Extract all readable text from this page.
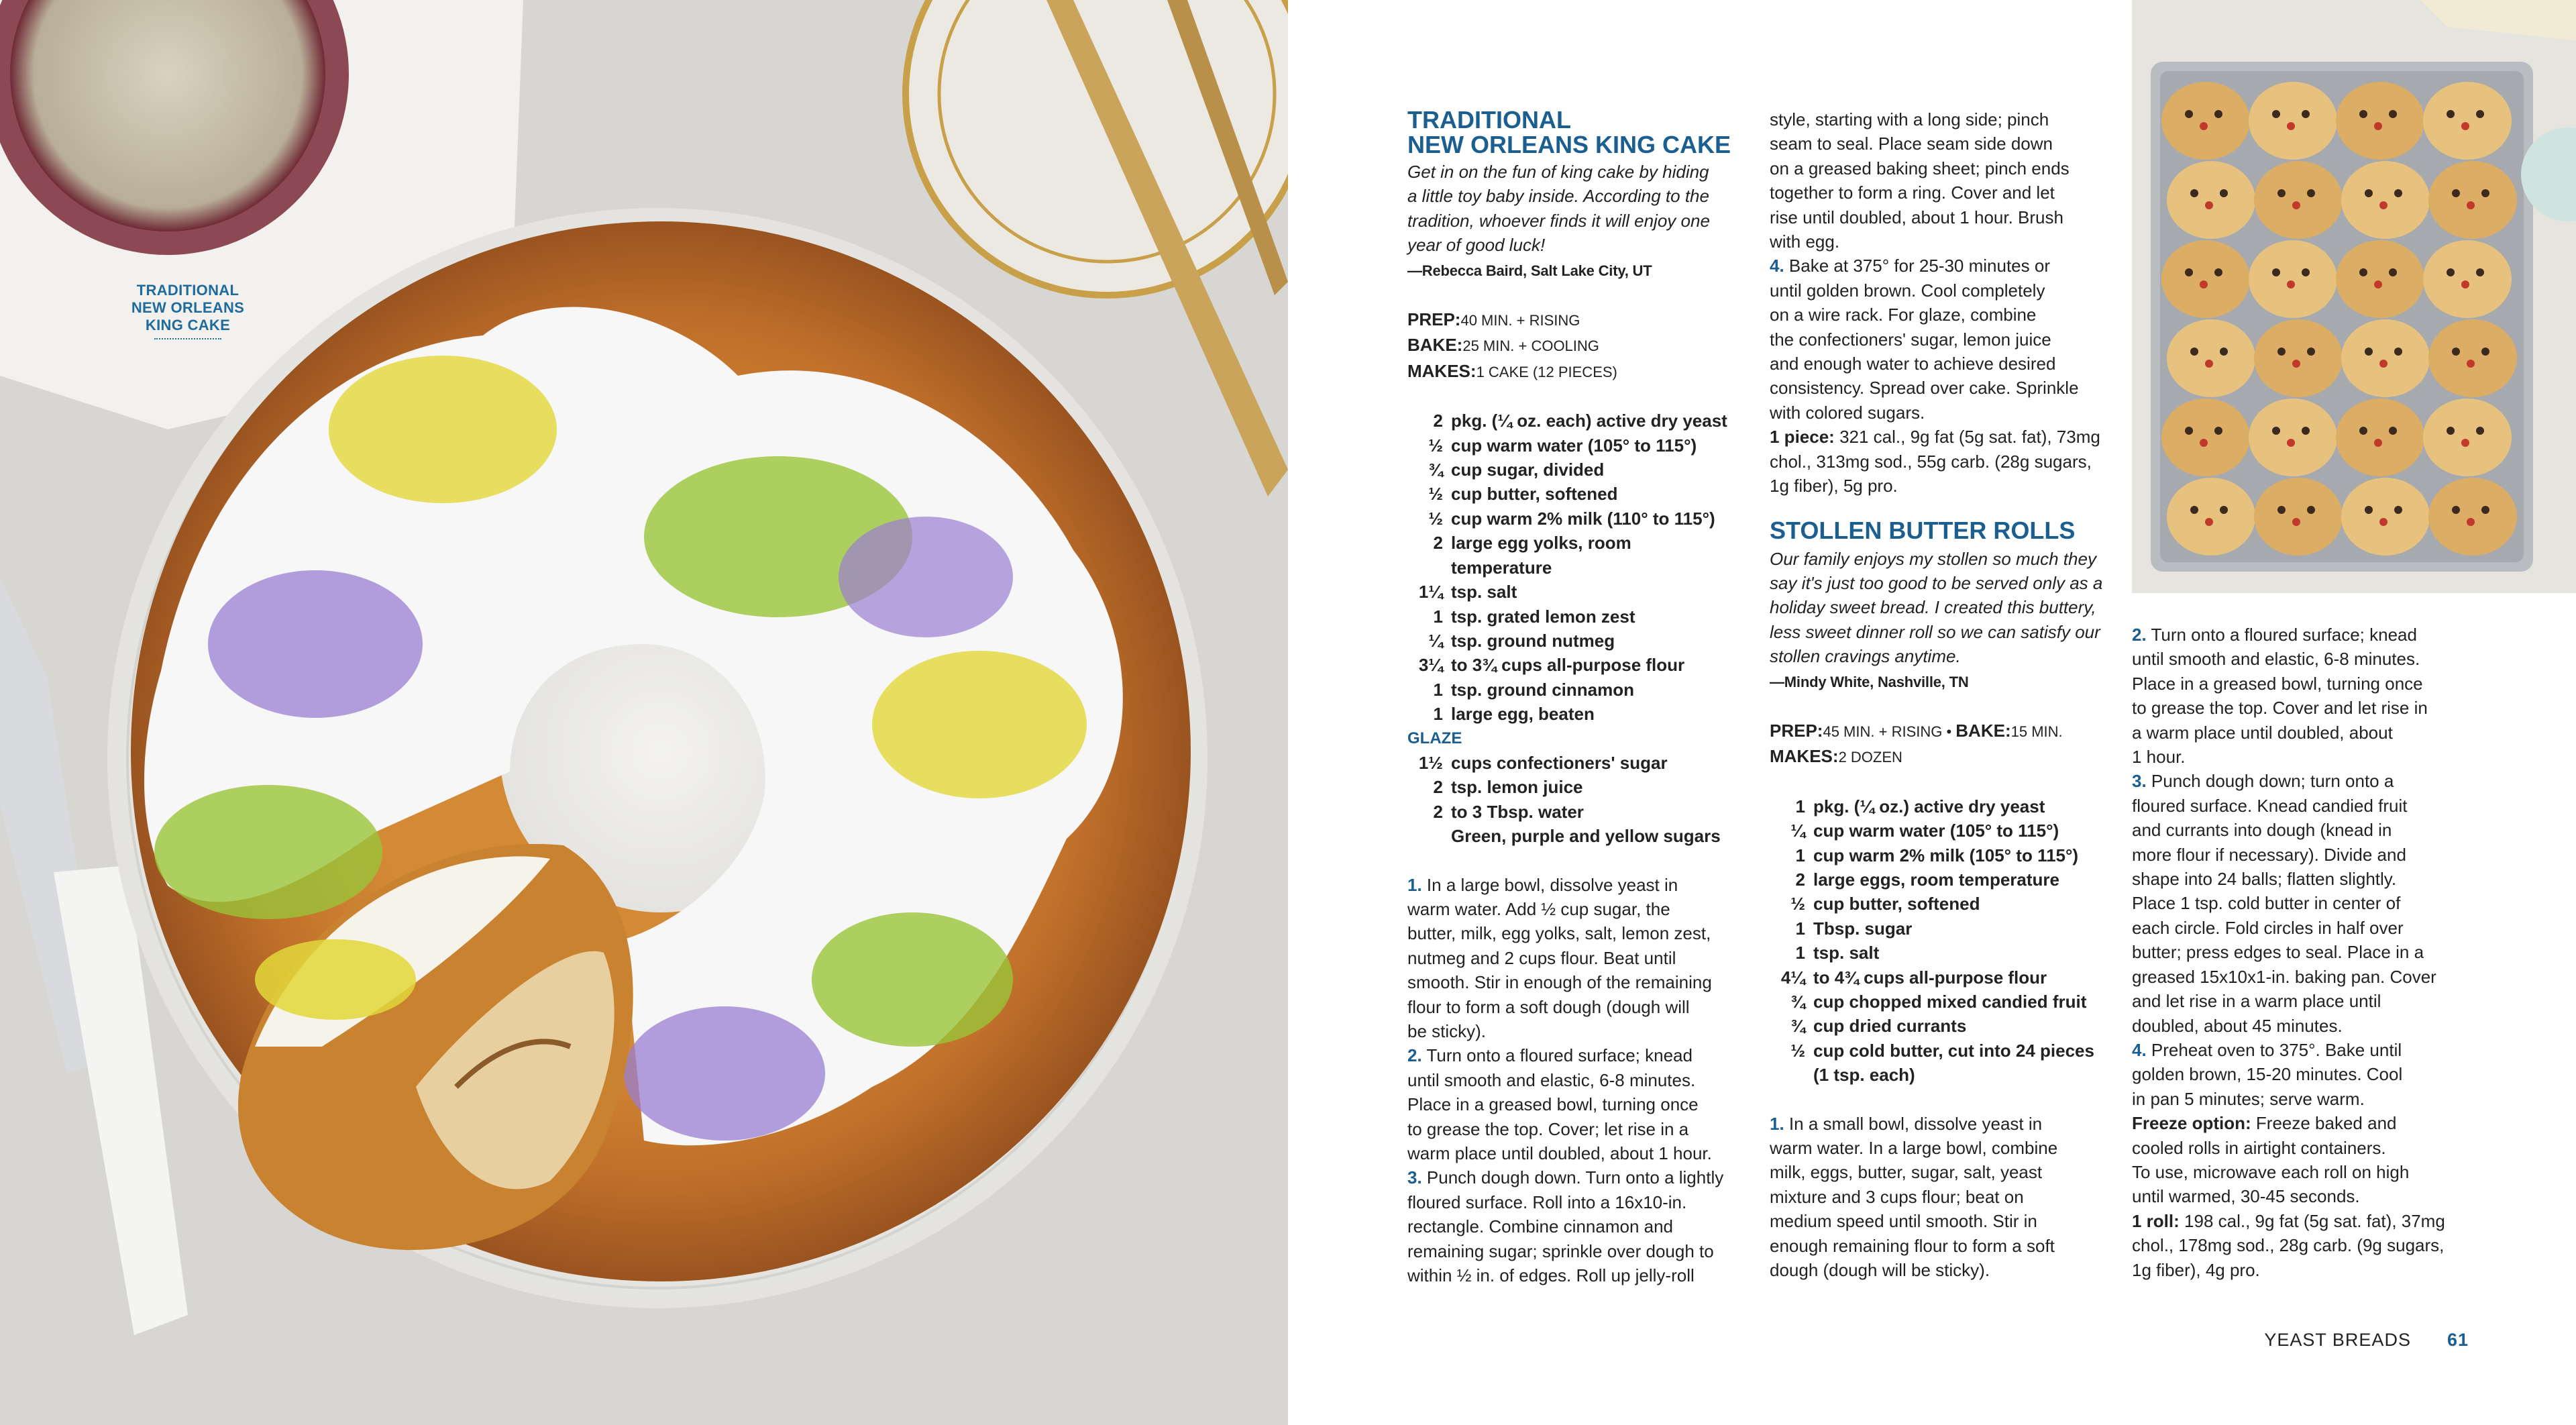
TRADITIONAL
NEW ORLEANS
KING CAKE
TRADITIONAL
NEW ORLEANS KING CAKE

Get in on the fun of king cake by hiding
a little toy baby inside. According to the
tradition, whoever finds it will enjoy one
year of good luck!

—Rebecca Baird, Salt Lake City, UT

PREP:40 MIN. + RISING

BAKE:25 MIN. + COOLING

MAKES:1 CAKE (12 PIECES)

2 pkg. (¼ oz. each) active dry yeast
½ cup warm water (105° to 115°)
¾ cup sugar, divided
½ cup butter, softened
½ cup warm 2% milk (110° to 115°)
2 large egg yolks, room
temperature
1¼ tsp. salt
1 tsp. grated lemon zest
¼ tsp. ground nutmeg
3¼ to 3¾ cups all-purpose flour
1 tsp. ground cinnamon
1 large egg, beaten
GLAZE
1½ cups confectioners' sugar
2 tsp. lemon juice
2 to 3 Tbsp. water
Green, purple and yellow sugars

1. In a large bowl, dissolve yeast in
warm water. Add ½ cup sugar, the
butter, milk, egg yolks, salt, lemon zest,
nutmeg and 2 cups flour. Beat until
smooth. Stir in enough of the remaining
flour to form a soft dough (dough will
be sticky).

2. Turn onto a floured surface; knead
until smooth and elastic, 6-8 minutes.
Place in a greased bowl, turning once
to grease the top. Cover; let rise in a
warm place until doubled, about 1 hour.

3. Punch dough down. Turn onto a lightly
floured surface. Roll into a 16x10-in.
rectangle. Combine cinnamon and
remaining sugar; sprinkle over dough to
within ½ in. of edges. Roll up jelly-roll

style, starting with a long side; pinch
seam to seal. Place seam side down
on a greased baking sheet; pinch ends
together to form a ring. Cover and let
rise until doubled, about 1 hour. Brush
with egg.

4. Bake at 375° for 25-30 minutes or
until golden brown. Cool completely
on a wire rack. For glaze, combine
the confectioners' sugar, lemon juice
and enough water to achieve desired
consistency. Spread over cake. Sprinkle
with colored sugars.

1 piece: 321 cal., 9g fat (5g sat. fat), 73mg
chol., 313mg sod., 55g carb. (28g sugars,
1g fiber), 5g pro.

STOLLEN BUTTER ROLLS

Our family enjoys my stollen so much they
say it's just too good to be served only as a
holiday sweet bread. I created this buttery,
less sweet dinner roll so we can satisfy our
stollen cravings anytime.

—Mindy White, Nashville, TN

PREP:45 MIN. + RISING • BAKE:15 MIN.

MAKES:2 DOZEN

1 pkg. (¼ oz.) active dry yeast
¼ cup warm water (105° to 115°)
1 cup warm 2% milk (105° to 115°)
2 large eggs, room temperature
½ cup butter, softened
1 Tbsp. sugar
1 tsp. salt
4¼ to 4¾ cups all-purpose flour
¾ cup chopped mixed candied fruit
¾ cup dried currants
½ cup cold butter, cut into 24 pieces
(1 tsp. each)

1. In a small bowl, dissolve yeast in
warm water. In a large bowl, combine
milk, eggs, butter, sugar, salt, yeast
mixture and 3 cups flour; beat on
medium speed until smooth. Stir in
enough remaining flour to form a soft
dough (dough will be sticky).

2. Turn onto a floured surface; knead
until smooth and elastic, 6-8 minutes.
Place in a greased bowl, turning once
to grease the top. Cover and let rise in
a warm place until doubled, about
1 hour.

3. Punch dough down; turn onto a
floured surface. Knead candied fruit
and currants into dough (knead in
more flour if necessary). Divide and
shape into 24 balls; flatten slightly.
Place 1 tsp. cold butter in center of
each circle. Fold circles in half over
butter; press edges to seal. Place in a
greased 15x10x1-in. baking pan. Cover
and let rise in a warm place until
doubled, about 45 minutes.

4. Preheat oven to 375°. Bake until
golden brown, 15-20 minutes. Cool
in pan 5 minutes; serve warm.

Freeze option: Freeze baked and
cooled rolls in airtight containers.
To use, microwave each roll on high
until warmed, 30-45 seconds.

1 roll: 198 cal., 9g fat (5g sat. fat), 37mg
chol., 178mg sod., 28g carb. (9g sugars,
1g fiber), 4g pro.

YEAST BREADS 61
